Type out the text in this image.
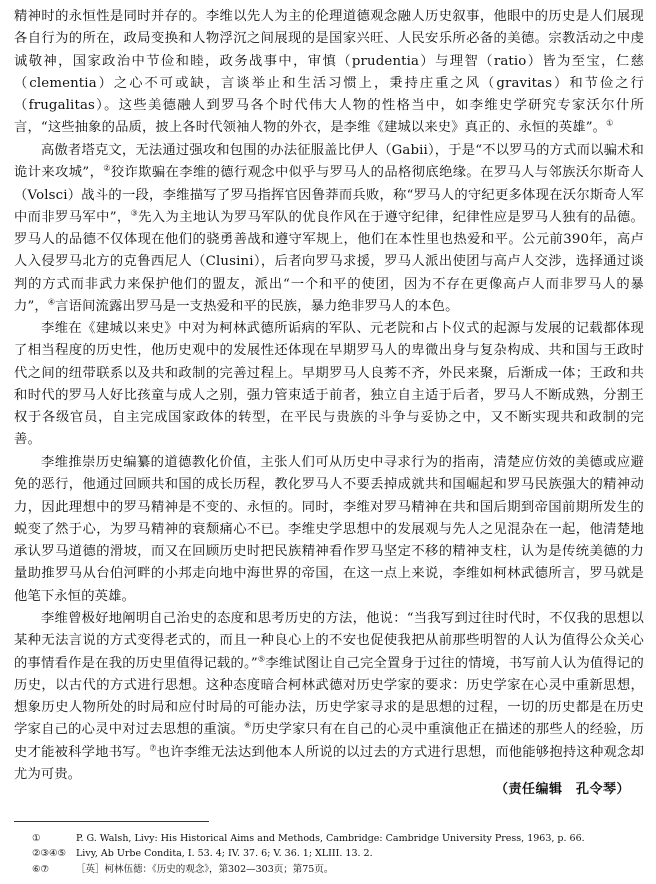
精神时的永恒性是同时并存的。李维以先人为主的伦理道德观念融人历史叙事，他眼中的历史是人们展现各自行为的所在，政局变换和人物浮沉之间展现的是国家兴旺、人民安乐所必备的美德。宗教活动之中虔诚敬神，国家政治中节俭和睦，政务战事中，审慎（prudentia）与理智（ratio）皆为至宝，仁慈（clementia）之心不可或缺，言谈举止和生活习惯上，秉持庄重之风（gravitas）和节俭之行（frugalitas）。这些美德融人到罗马各个时代伟大人物的性格当中，如李维史学研究专家沃尔什所言，“这些抽象的品质，披上各时代领袖人物的外衣，是李维《建城以来史》真正的、永恒的英雄”。①

高傲者塔克文，无法通过强攻和包围的办法征服盖比伊人（Gabii），于是“不以罗马的方式而以骗术和诡计来攻城”，②狡诈欺骗在李维的德行观念中似乎与罗马人的品格彻底绝缘。在罗马人与邻族沃尔斯奇人（Volsci）战斗的一段，李维描写了罗马指挥官因鲁莽而兵败，称“罗马人的守纪更多体现在沃尔斯奇人军中而非罗马军中”，③先入为主地认为罗马军队的优良作风在于遵守纪律，纪律性应是罗马人独有的品德。罗马人的品德不仅体现在他们的骁勇善战和遵守军规上，他们在本性里也热爱和平。公元前390年，高卢人入侵罗马北方的克鲁西尼人（Clusini），后者向罗马求援，罗马人派出使团与高卢人交涉，选择通过谈判的方式而非武力来保护他们的盟友，派出“一个和平的使团，因为不存在更像高卢人而非罗马人的暴力”，④言语间流露出罗马是一支热爱和平的民族，暴力绝非罗马人的本色。

李维在《建城以来史》中对为柯林武德所诟病的军队、元老院和占卜仪式的起源与发展的记载都体现了相当程度的历史性，他历史观中的发展性还体现在早期罗马人的卑微出身与复杂构成、共和国与王政时代之间的纽带联系以及共和政制的完善过程上。早期罗马人良莠不齐，外民来聚，后渐成一体；王政和共和时代的罗马人好比孩童与成人之别，强力管束适于前者，独立自主适于后者，罗马人不断成熟，分割王权于各级官员，自主完成国家政体的转型，在平民与贵族的斗争与妥协之中，又不断实现共和政制的完善。

李维推崇历史编纂的道德教化价值，主张人们可从历史中寻求行为的指南，清楚应仿效的美德或应避免的恶行，他通过回顾共和国的成长历程，教化罗马人不要丢掉成就共和国崛起和罗马民族强大的精神动力，因此理想中的罗马精神是不变的、永恒的。同时，李维对罗马精神在共和国后期到帝国前期所发生的蜕变了然于心，为罗马精神的衰颓痛心不已。李维史学思想中的发展观与先人之见混杂在一起，他清楚地承认罗马道德的滑坡，而又在回顾历史时把民族精神看作罗马坚定不移的精神支柱，认为是传统美德的力量助推罗马从台伯河畔的小邦走向地中海世界的帝国，在这一点上来说，李维如柯林武德所言，罗马就是他笔下永恒的英雄。

李维曾极好地阐明自己治史的态度和思考历史的方法，他说：“当我写到过往时代时，不仅我的思想以某种无法言说的方式变得老式的，而且一种良心上的不安也促使我把从前那些明智的人认为值得公众关心的事情看作是在我的历史里值得记载的。”⑤李维试图让自己完全置身于过往的情境，书写前人认为值得记的历史，以古代的方式进行思想。这种态度暗合柯林武德对历史学家的要求：历史学家在心灵中重新思想，想象历史人物所处的时局和应付时局的可能办法，历史学家寻求的是思想的过程，一切的历史都是在历史学家自己的心灵中对过去思想的重演。⑥历史学家只有在自己的心灵中重演他正在描述的那些人的经验，历史才能被科学地书写。⑦也许李维无法达到他本人所说的以过去的方式进行思想，而他能够抱持这种观念却尤为可贵。

（责任编辑　孔令琴）
①	P. G. Walsh, Livy: His Historical Aims and Methods, Cambridge: Cambridge University Press, 1963, p. 66.
②③④⑤	Livy, Ab Urbe Condita, I. 53. 4; IV. 37. 6; V. 36. 1; XLIII. 13. 2.
⑥⑦	［英］柯林伍德：《历史的观念》，第302—303页；第75页。
